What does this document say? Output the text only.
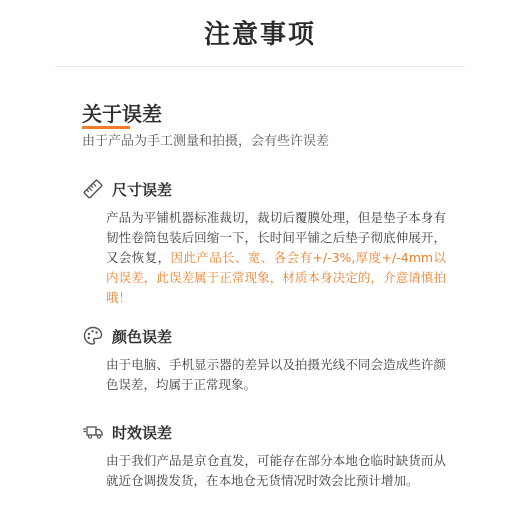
注意事项
关于误差
由于产品为手工测量和拍摄，会有些许误差
尺寸误差
产品为平铺机器标准裁切，裁切后覆膜处理，但是垫子本身有韧性卷筒包装后回缩一下，长时间平铺之后垫子彻底伸展开，又会恢复，因此产品长、宽、各会有+/-3%,厚度+/-4mm以内误差，此误差属于正常现象，材质本身决定的，介意请慎拍哦！
颜色误差
由于电脑、手机显示器的差异以及拍摄光线不同会造成些许颜色误差，均属于正常现象。
时效误差
由于我们产品是京仓直发，可能存在部分本地仓临时缺货而从就近仓调拨发货，在本地仓无货情况时效会比预计增加。
